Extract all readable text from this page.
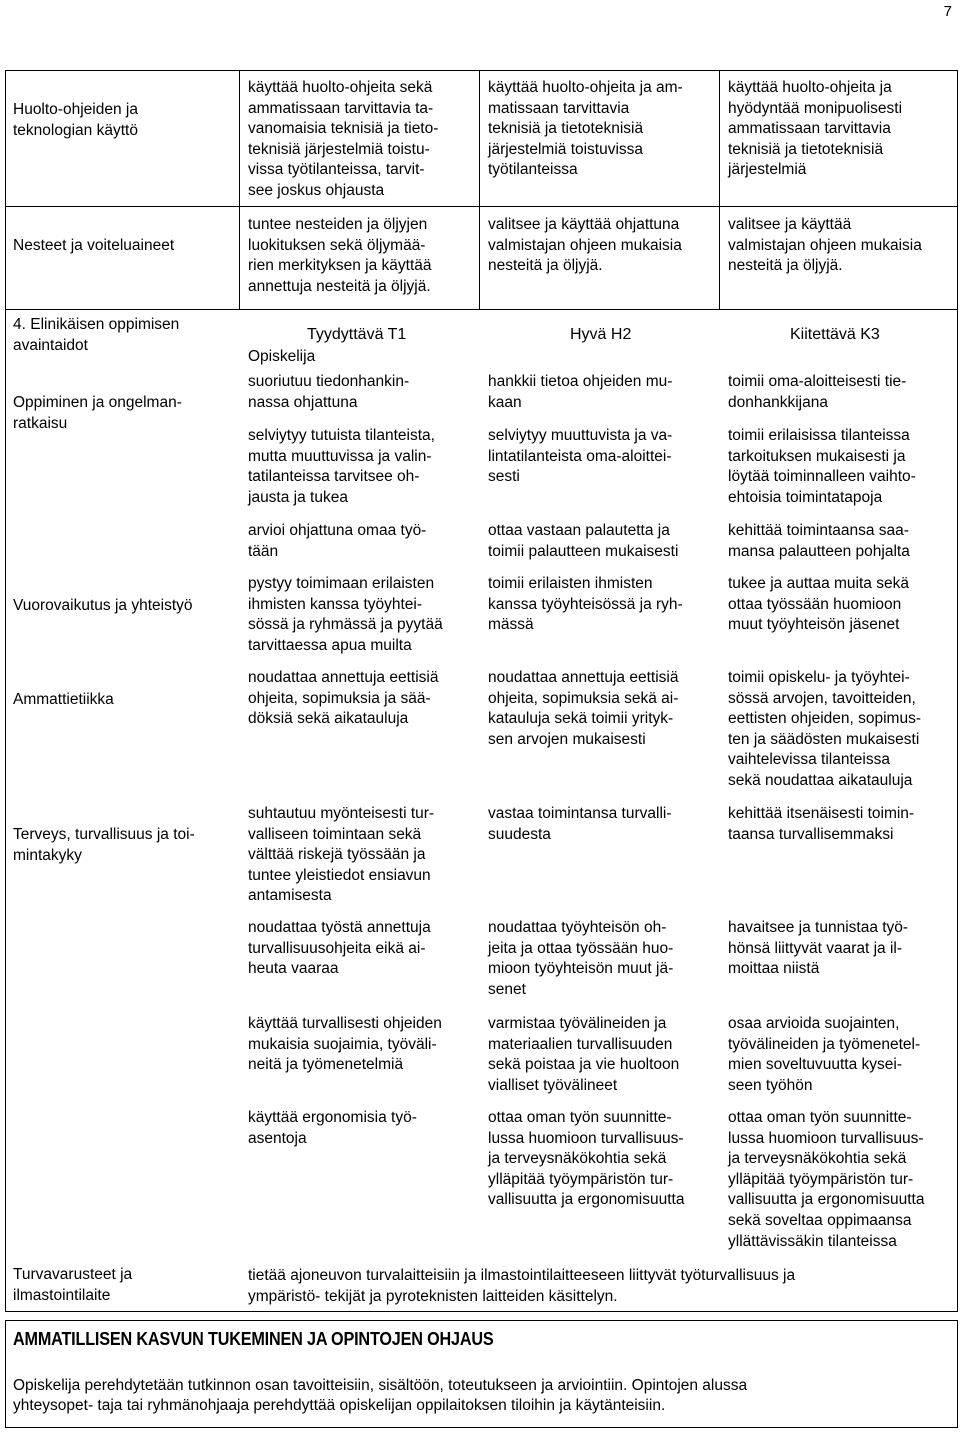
7
Huolto-ohjeiden ja
teknologian käyttö
käyttää huolto-ohjeita sekä
ammatissaan tarvittavia ta-
vanomaisia teknisiä ja tieto-
teknisiä järjestelmiä toistu-
vissa työtilanteissa, tarvit-
see joskus ohjausta
käyttää huolto-ohjeita ja am-
matissaan tarvittavia
teknisiä ja tietoteknisiä
järjestelmiä toistuvissa
työtilanteissa
käyttää huolto-ohjeita ja
hyödyntää monipuolisesti
ammatissaan tarvittavia
teknisiä ja tietoteknisiä
järjestelmiä
Nesteet ja voiteluaineet
tuntee nesteiden ja öljyjen
luokituksen sekä öljymää-
rien merkityksen ja käyttää
annettuja nesteitä ja öljyjä.
valitsee ja käyttää ohjattuna
valmistajan ohjeen mukaisia
nesteitä ja öljyjä.
valitsee ja käyttää
valmistajan ohjeen mukaisia
nesteitä ja öljyjä.
4. Elinikäisen oppimisen
avaintaidot
Tyydyttävä T1	Hyvä H2	Kiitettävä K3
Opiskelija
Oppiminen ja ongelman-
ratkaisu
Vuorovaikutus ja yhteistyö
Ammattietiikka
Terveys, turvallisuus ja toi-
mintakyky
Turvavarusteet ja
ilmastointilaite
suoriutuu tiedonhankin-
nassa ohjattuna
hankkii tietoa ohjeiden mu-
kaan
toimii oma-aloitteisesti tie-
donhankkijana
selviytyy tutuista tilanteista,
mutta muuttuvissa ja valin-
tatilanteissa tarvitsee oh-
jausta ja tukea
selviytyy muuttuvista ja va-
lintatilanteista oma-aloittei-
sesti
toimii erilaisissa tilanteissa
tarkoituksen mukaisesti ja
löytää toiminnalleen vaihto-
ehtoisia toimintatapoja
arvioi ohjattuna omaa työ-
tään
ottaa vastaan palautetta ja
toimii palautteen mukaisesti
kehittää toimintaansa saa-
mansa palautteen pohjalta
pystyy toimimaan erilaisten
ihmisten kanssa työyhtei-
sössä ja ryhmässä ja pyytää
tarvittaessa apua muilta
toimii erilaisten ihmisten
kanssa työyhteisössä ja ryh-
mässä
tukee ja auttaa muita sekä
ottaa työssään huomioon
muut työyhteisön jäsenet
noudattaa annettuja eettisiä
ohjeita, sopimuksia ja sää-
döksiä sekä aikatauluja
noudattaa annettuja eettisiä
ohjeita, sopimuksia sekä ai-
katauluja sekä toimii yrityk-
sen arvojen mukaisesti
toimii opiskelu- ja työyhtei-
sössä arvojen, tavoitteiden,
eettisten ohjeiden, sopimus-
ten ja säädösten mukaisesti
vaihtelevissa tilanteissa
sekä noudattaa aikatauluja
suhtautuu myönteisesti tur-
valliseen toimintaan sekä
välttää riskejä työssään ja
tuntee yleistiedot ensiavun
antamisesta
vastaa toimintansa turvalli-
suudesta
kehittää itsenäisesti toimin-
taansa turvallisemmaksi
noudattaa työstä annettuja
turvallisuusohjeita eikä ai-
heuta vaaraa
noudattaa työyhteisön oh-
jeita ja ottaa työssään huo-
mioon työyhteisön muut jä-
senet
havaitsee ja tunnistaa työ-
hönsä liittyvät vaarat ja il-
moittaa niistä
käyttää turvallisesti ohjeiden
mukaisia suojaimia, työväli-
neitä ja työmenetelmiä
varmistaa työvälineiden ja
materiaalien turvallisuuden
sekä poistaa ja vie huoltoon
vialliset työvälineet
osaa arvioida suojainten,
työvälineiden ja työmenetel-
mien soveltuvuutta kysei-
seen työhön
käyttää ergonomisia työ-
asentoja
ottaa oman työn suunnitte-
lussa huomioon turvallisuus-
ja terveysnäkökohtia sekä
ylläpitää työympäristön tur-
vallisuutta ja ergonomisuutta
ottaa oman työn suunnitte-
lussa huomioon turvallisuus-
ja terveysnäkökohtia sekä
ylläpitää työympäristön tur-
vallisuutta ja ergonomisuutta
sekä soveltaa oppimaansa
yllättävissäkin tilanteissa
tietää ajoneuvon turvalaitteisiin ja ilmastointilaitteeseen liittyvät työturvallisuus ja
ympäristö- tekijät ja pyroteknisten laitteiden käsittelyn.
AMMATILLISEN KASVUN TUKEMINEN JA OPINTOJEN OHJAUS
Opiskelija perehdytetään tutkinnon osan tavoitteisiin, sisältöön, toteutukseen ja arviointiin. Opintojen alussa
yhteysopet- taja tai ryhmänohjaaja perehdyttää opiskelijan oppilaitoksen tiloihin ja käytänteisiin.
